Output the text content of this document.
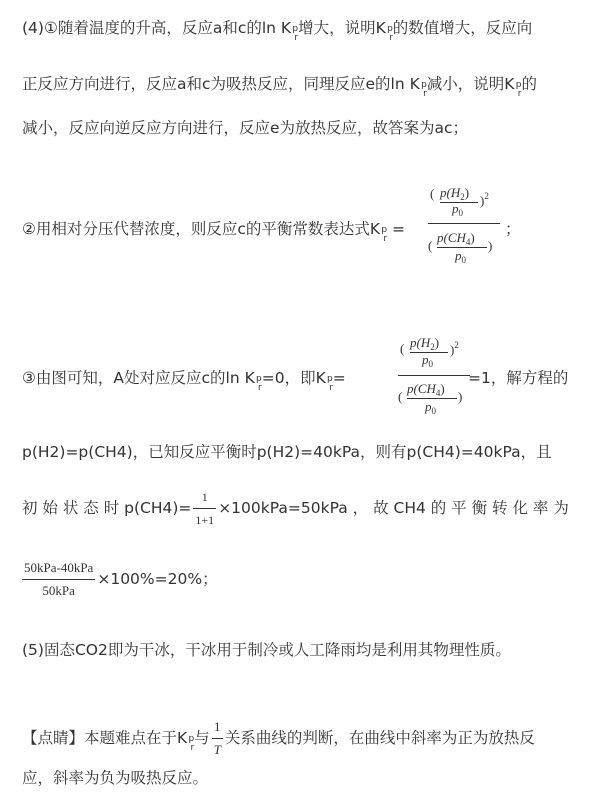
(4)①随着温度的升高，反应a和c的ln K
r
p 增大，说明K
r
p 的数值增大，反应向
正反应方向进行，反应a和c为吸热反应，同理反应e的ln K
r
p 减小，说明K
r
p 的
减小，反应向逆反应方向进行，反应e为放热反应，故答案为ac；
②用相对分压代替浓度，则反应c的平衡常数表达式K
r
p =
( $p(H_2)$
$p_0$
)$^2$
(
$p(CH_4)$
$p_0$
)
；
③由图可知，A处对应反应c的ln K
r
p =0，即K
r
p =
( $p(H_2)$
$p_0$
)$^2$
(
$p(CH_4)$
$p_0$
)
=1，解方程的
p(H2)=p(CH4)，已知反应平衡时p(H2)=40kPa，则有p(CH4)=40kPa，且
初 始 状 态 时 $p(CH4)= \frac{1}{1+1} \times 100kPa=50kPa$ ， 故 CH4 的 平 衡 转 化 率 为
$\frac{\text{50kPa-40kPa}}{\text{50kPa}} \times 100\%=20\%$；
(5)固态CO2即为干冰，干冰用于制冷或人工降雨均是利用其物理性质。
【点睛】本题难点在于K
r
p 与 $\frac{1}{T}$ 关系曲线的判断，在曲线中斜率为正为放热反
应，斜率为负为吸热反应。
